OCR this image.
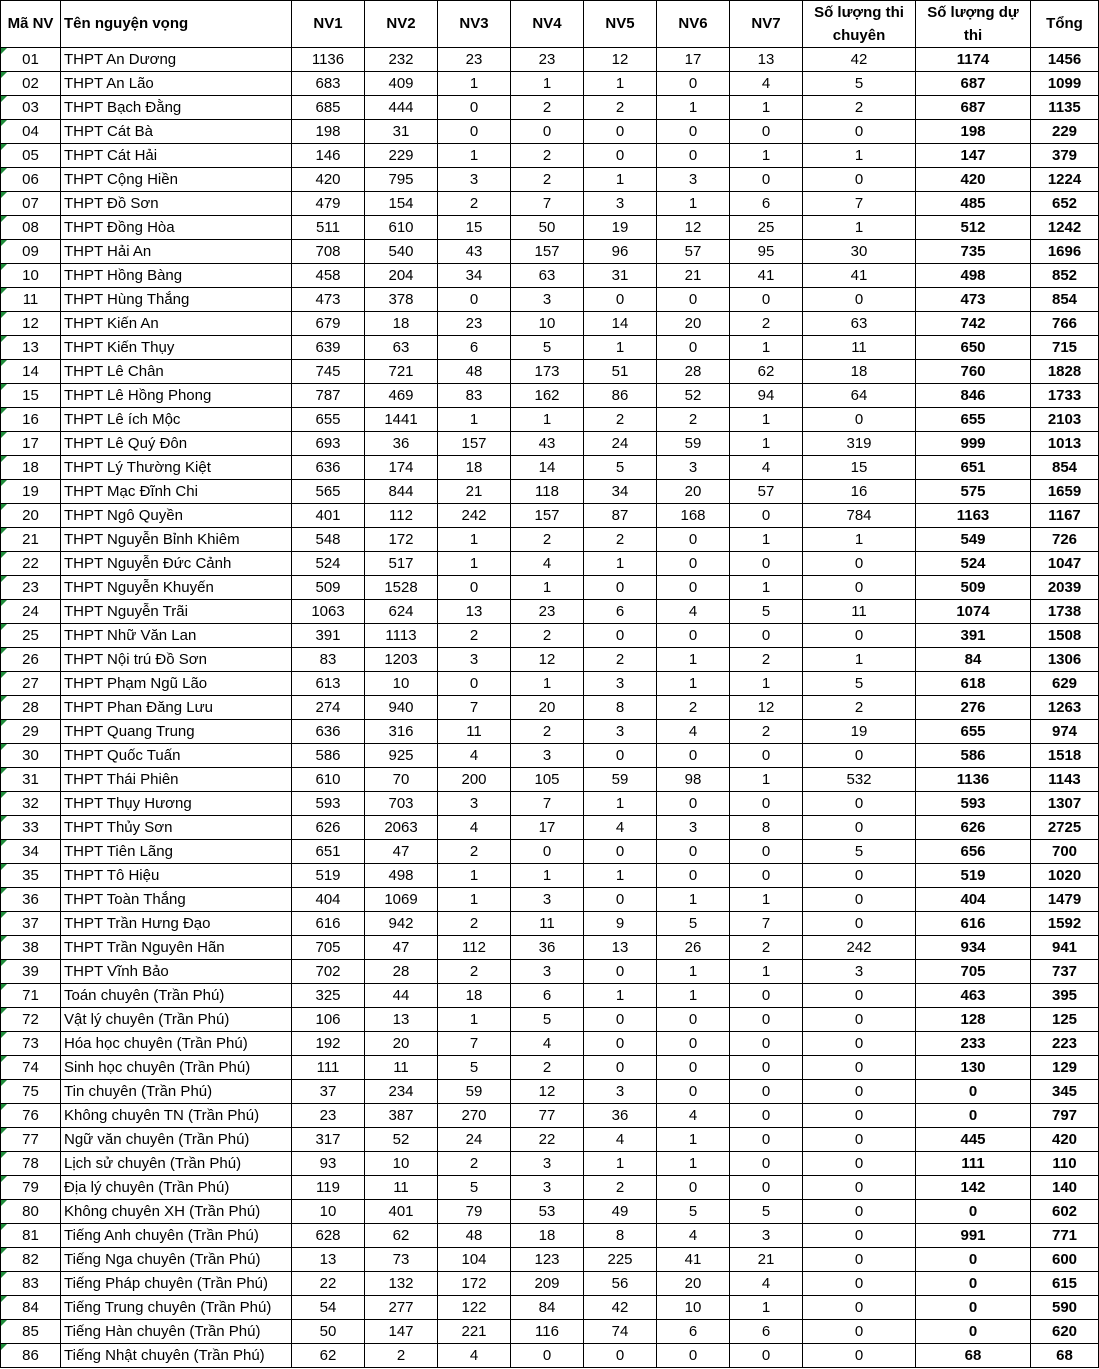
Mã NV	Tên nguyện vọng	NV1	NV2	NV3	NV4	NV5	NV6	NV7	Số lượng thi chuyên	Số lượng dự thi	Tổng
01	THPT An Dương	1136	232	23	23	12	17	13	42	1174	1456
02	THPT An Lão	683	409	1	1	1	0	4	5	687	1099
03	THPT Bạch Đằng	685	444	0	2	2	1	1	2	687	1135
04	THPT Cát Bà	198	31	0	0	0	0	0	0	198	229
05	THPT Cát Hải	146	229	1	2	0	0	1	1	147	379
06	THPT Cộng Hiền	420	795	3	2	1	3	0	0	420	1224
07	THPT Đồ Sơn	479	154	2	7	3	1	6	7	485	652
08	THPT Đồng Hòa	511	610	15	50	19	12	25	1	512	1242
09	THPT Hải An	708	540	43	157	96	57	95	30	735	1696
10	THPT Hồng Bàng	458	204	34	63	31	21	41	41	498	852
11	THPT Hùng Thắng	473	378	0	3	0	0	0	0	473	854
12	THPT Kiến An	679	18	23	10	14	20	2	63	742	766
13	THPT Kiến Thụy	639	63	6	5	1	0	1	11	650	715
14	THPT Lê Chân	745	721	48	173	51	28	62	18	760	1828
15	THPT Lê Hồng Phong	787	469	83	162	86	52	94	64	846	1733
16	THPT Lê ích Mộc	655	1441	1	1	2	2	1	0	655	2103
17	THPT Lê Quý Đôn	693	36	157	43	24	59	1	319	999	1013
18	THPT Lý Thường Kiệt	636	174	18	14	5	3	4	15	651	854
19	THPT Mạc Đĩnh Chi	565	844	21	118	34	20	57	16	575	1659
20	THPT Ngô Quyền	401	112	242	157	87	168	0	784	1163	1167
21	THPT Nguyễn Bỉnh Khiêm	548	172	1	2	2	0	1	1	549	726
22	THPT Nguyễn Đức Cảnh	524	517	1	4	1	0	0	0	524	1047
23	THPT Nguyễn Khuyến	509	1528	0	1	0	0	1	0	509	2039
24	THPT Nguyễn Trãi	1063	624	13	23	6	4	5	11	1074	1738
25	THPT Nhữ Văn Lan	391	1113	2	2	0	0	0	0	391	1508
26	THPT Nội trú Đồ Sơn	83	1203	3	12	2	1	2	1	84	1306
27	THPT Phạm Ngũ Lão	613	10	0	1	3	1	1	5	618	629
28	THPT Phan Đăng Lưu	274	940	7	20	8	2	12	2	276	1263
29	THPT Quang Trung	636	316	11	2	3	4	2	19	655	974
30	THPT Quốc Tuấn	586	925	4	3	0	0	0	0	586	1518
31	THPT Thái Phiên	610	70	200	105	59	98	1	532	1136	1143
32	THPT Thụy Hương	593	703	3	7	1	0	0	0	593	1307
33	THPT Thủy Sơn	626	2063	4	17	4	3	8	0	626	2725
34	THPT Tiên Lãng	651	47	2	0	0	0	0	5	656	700
35	THPT Tô Hiệu	519	498	1	1	1	0	0	0	519	1020
36	THPT Toàn Thắng	404	1069	1	3	0	1	1	0	404	1479
37	THPT Trần Hưng Đạo	616	942	2	11	9	5	7	0	616	1592
38	THPT Trần Nguyên Hãn	705	47	112	36	13	26	2	242	934	941
39	THPT Vĩnh Bảo	702	28	2	3	0	1	1	3	705	737
71	Toán chuyên (Trần Phú)	325	44	18	6	1	1	0	0	463	395
72	Vật lý chuyên (Trần Phú)	106	13	1	5	0	0	0	0	128	125
73	Hóa học chuyên (Trần Phú)	192	20	7	4	0	0	0	0	233	223
74	Sinh học chuyên (Trần Phú)	111	11	5	2	0	0	0	0	130	129
75	Tin chuyên (Trần Phú)	37	234	59	12	3	0	0	0	0	345
76	Không chuyên TN (Trần Phú)	23	387	270	77	36	4	0	0	0	797
77	Ngữ văn chuyên (Trần Phú)	317	52	24	22	4	1	0	0	445	420
78	Lịch sử chuyên (Trần Phú)	93	10	2	3	1	1	0	0	111	110
79	Địa lý chuyên (Trần Phú)	119	11	5	3	2	0	0	0	142	140
80	Không chuyên XH (Trần Phú)	10	401	79	53	49	5	5	0	0	602
81	Tiếng Anh chuyên (Trần Phú)	628	62	48	18	8	4	3	0	991	771
82	Tiếng Nga chuyên (Trần Phú)	13	73	104	123	225	41	21	0	0	600
83	Tiếng Pháp chuyên (Trần Phú)	22	132	172	209	56	20	4	0	0	615
84	Tiếng Trung chuyên (Trần Phú)	54	277	122	84	42	10	1	0	0	590
85	Tiếng Hàn chuyên (Trần Phú)	50	147	221	116	74	6	6	0	0	620
86	Tiếng Nhật chuyên (Trần Phú)	62	2	4	0	0	0	0	0	68	68
